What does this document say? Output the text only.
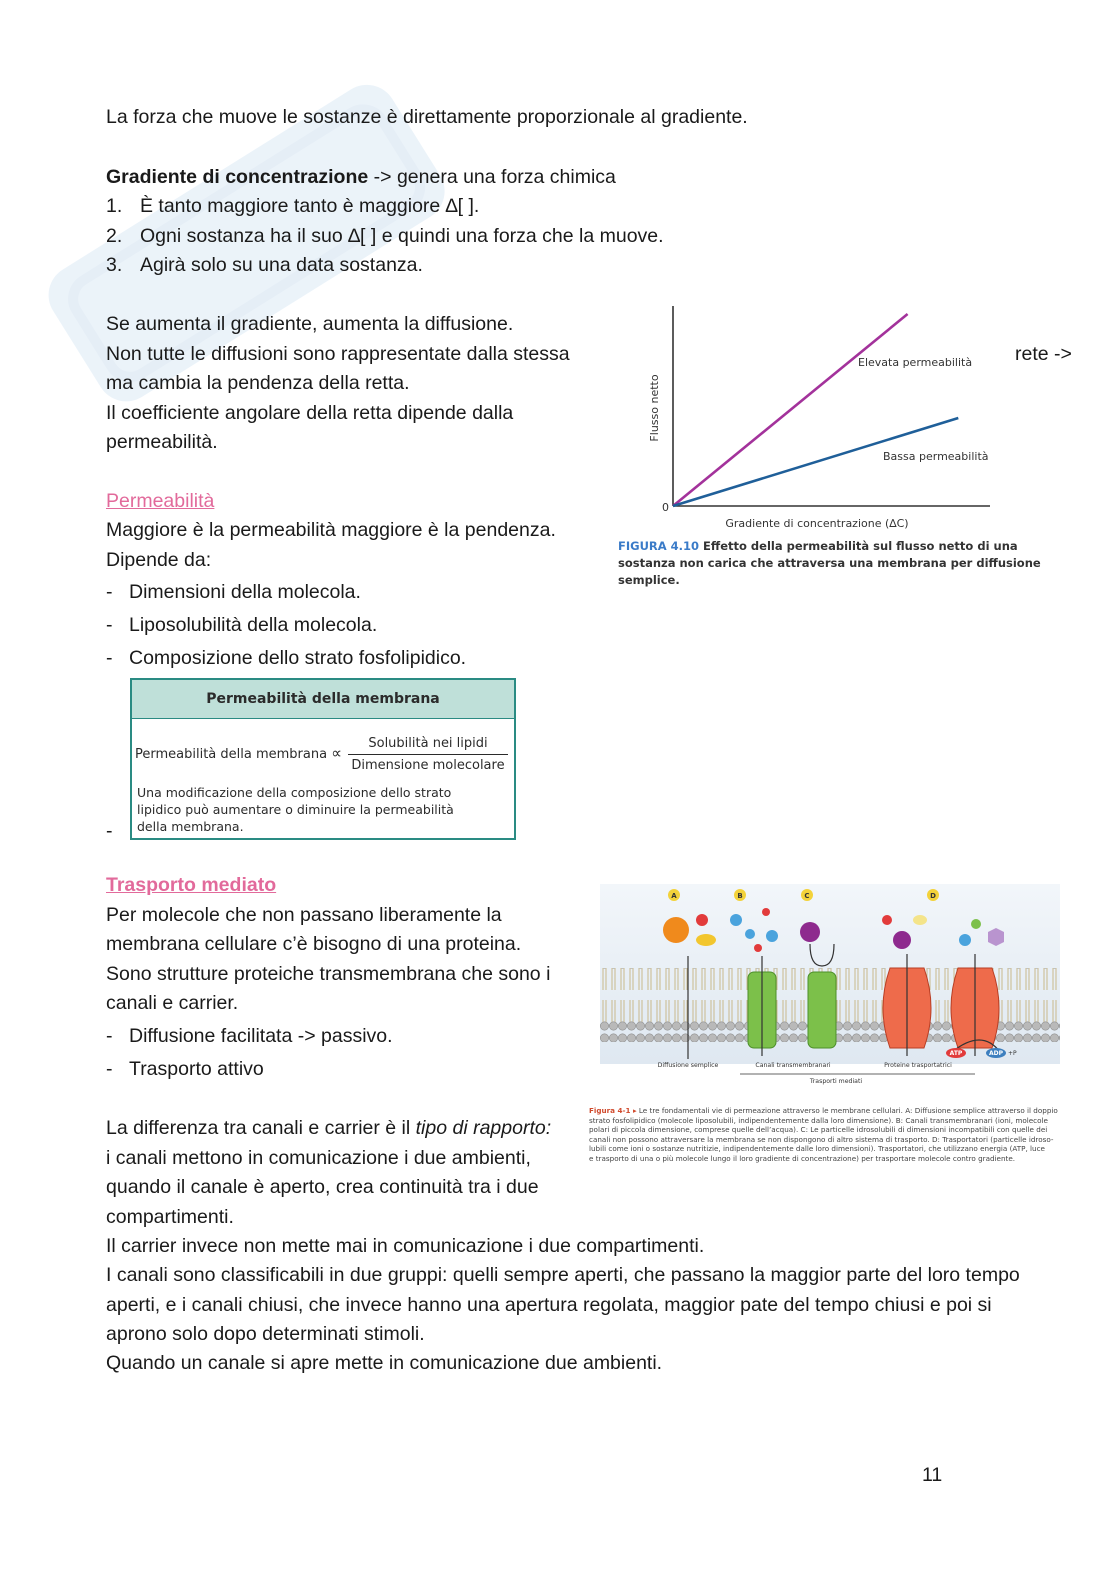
La forza che muove le sostanze è direttamente proporzionale al gradiente.

Gradiente di concentrazione -> genera una forza chimica

1. È tanto maggiore tanto è maggiore ∆[ ].
2. Ogni sostanza ha il suo ∆[ ] e quindi una forza che la muove.
3. Agirà solo su una data sostanza.

Se aumenta il gradiente, aumenta la diffusione.

Non tutte le diffusioni sono rappresentate dalla stessa	rete ->

ma cambia la pendenza della retta.

Il coefficiente angolare della retta dipende dalla

permeabilità.

0
Flusso netto
Gradiente di concentrazione (∆C)
Elevata permeabilità
Bassa permeabilità
FIGURA 4.10 Effetto della permeabilità sul flusso netto di una
sostanza non carica che attraversa una membrana per diffusione
semplice.

Permeabilità

Maggiore è la permeabilità maggiore è la pendenza.

Dipende da:

- Dimensioni della molecola.
- Liposolubilità della molecola.
- Composizione dello strato fosfolipidico.

-

Permeabilità della membrana
Permeabilità della membrana ∝
Solubilità nei lipidi
Dimensione molecolare
Una modificazione della composizione dello strato
lipidico può aumentare o diminuire la permeabilità
della membrana.

Trasporto mediato

Per molecole che non passano liberamente la

membrana cellulare c’è bisogno di una proteina.

Sono strutture proteiche transmembrana che sono i

canali e carrier.

- Diffusione facilitata -> passivo.
- Trasporto attivo
A	B	C	D
ATP	ADP +P
Diffusione semplice	Canali transmembranari	Proteine trasportatrici
Trasporti mediati
Figura 4-1 ▸ Le tre fondamentali vie di permeazione attraverso le membrane cellulari. A: Diffusione semplice attraverso il doppio
strato fosfolipidico (molecole liposolubili, indipendentemente dalla loro dimensione). B: Canali transmembranari (ioni, molecole
polari di piccola dimensione, comprese quelle dell’acqua). C: Le particelle idrosolubili di dimensioni incompatibili con quelle dei
canali non possono attraversare la membrana se non dispongono di altro sistema di trasporto. D: Trasportatori (particelle idroso-
lubili come ioni o sostanze nutritizie, indipendentemente dalle loro dimensioni). Trasportatori, che utilizzano energia (ATP, luce
e trasporto di una o più molecole lungo il loro gradiente di concentrazione) per trasportare molecole contro gradiente.

La differenza tra canali e carrier è il tipo di rapporto:

i canali mettono in comunicazione i due ambienti,

quando il canale è aperto, crea continuità tra i due

compartimenti.

Il carrier invece non mette mai in comunicazione i due compartimenti.

I canali sono classificabili in due gruppi: quelli sempre aperti, che passano la maggior parte del loro tempo

aperti, e i canali chiusi, che invece hanno una apertura regolata, maggior pate del tempo chiusi e poi si

aprono solo dopo determinati stimoli.

Quando un canale si apre mette in comunicazione due ambienti.

11
